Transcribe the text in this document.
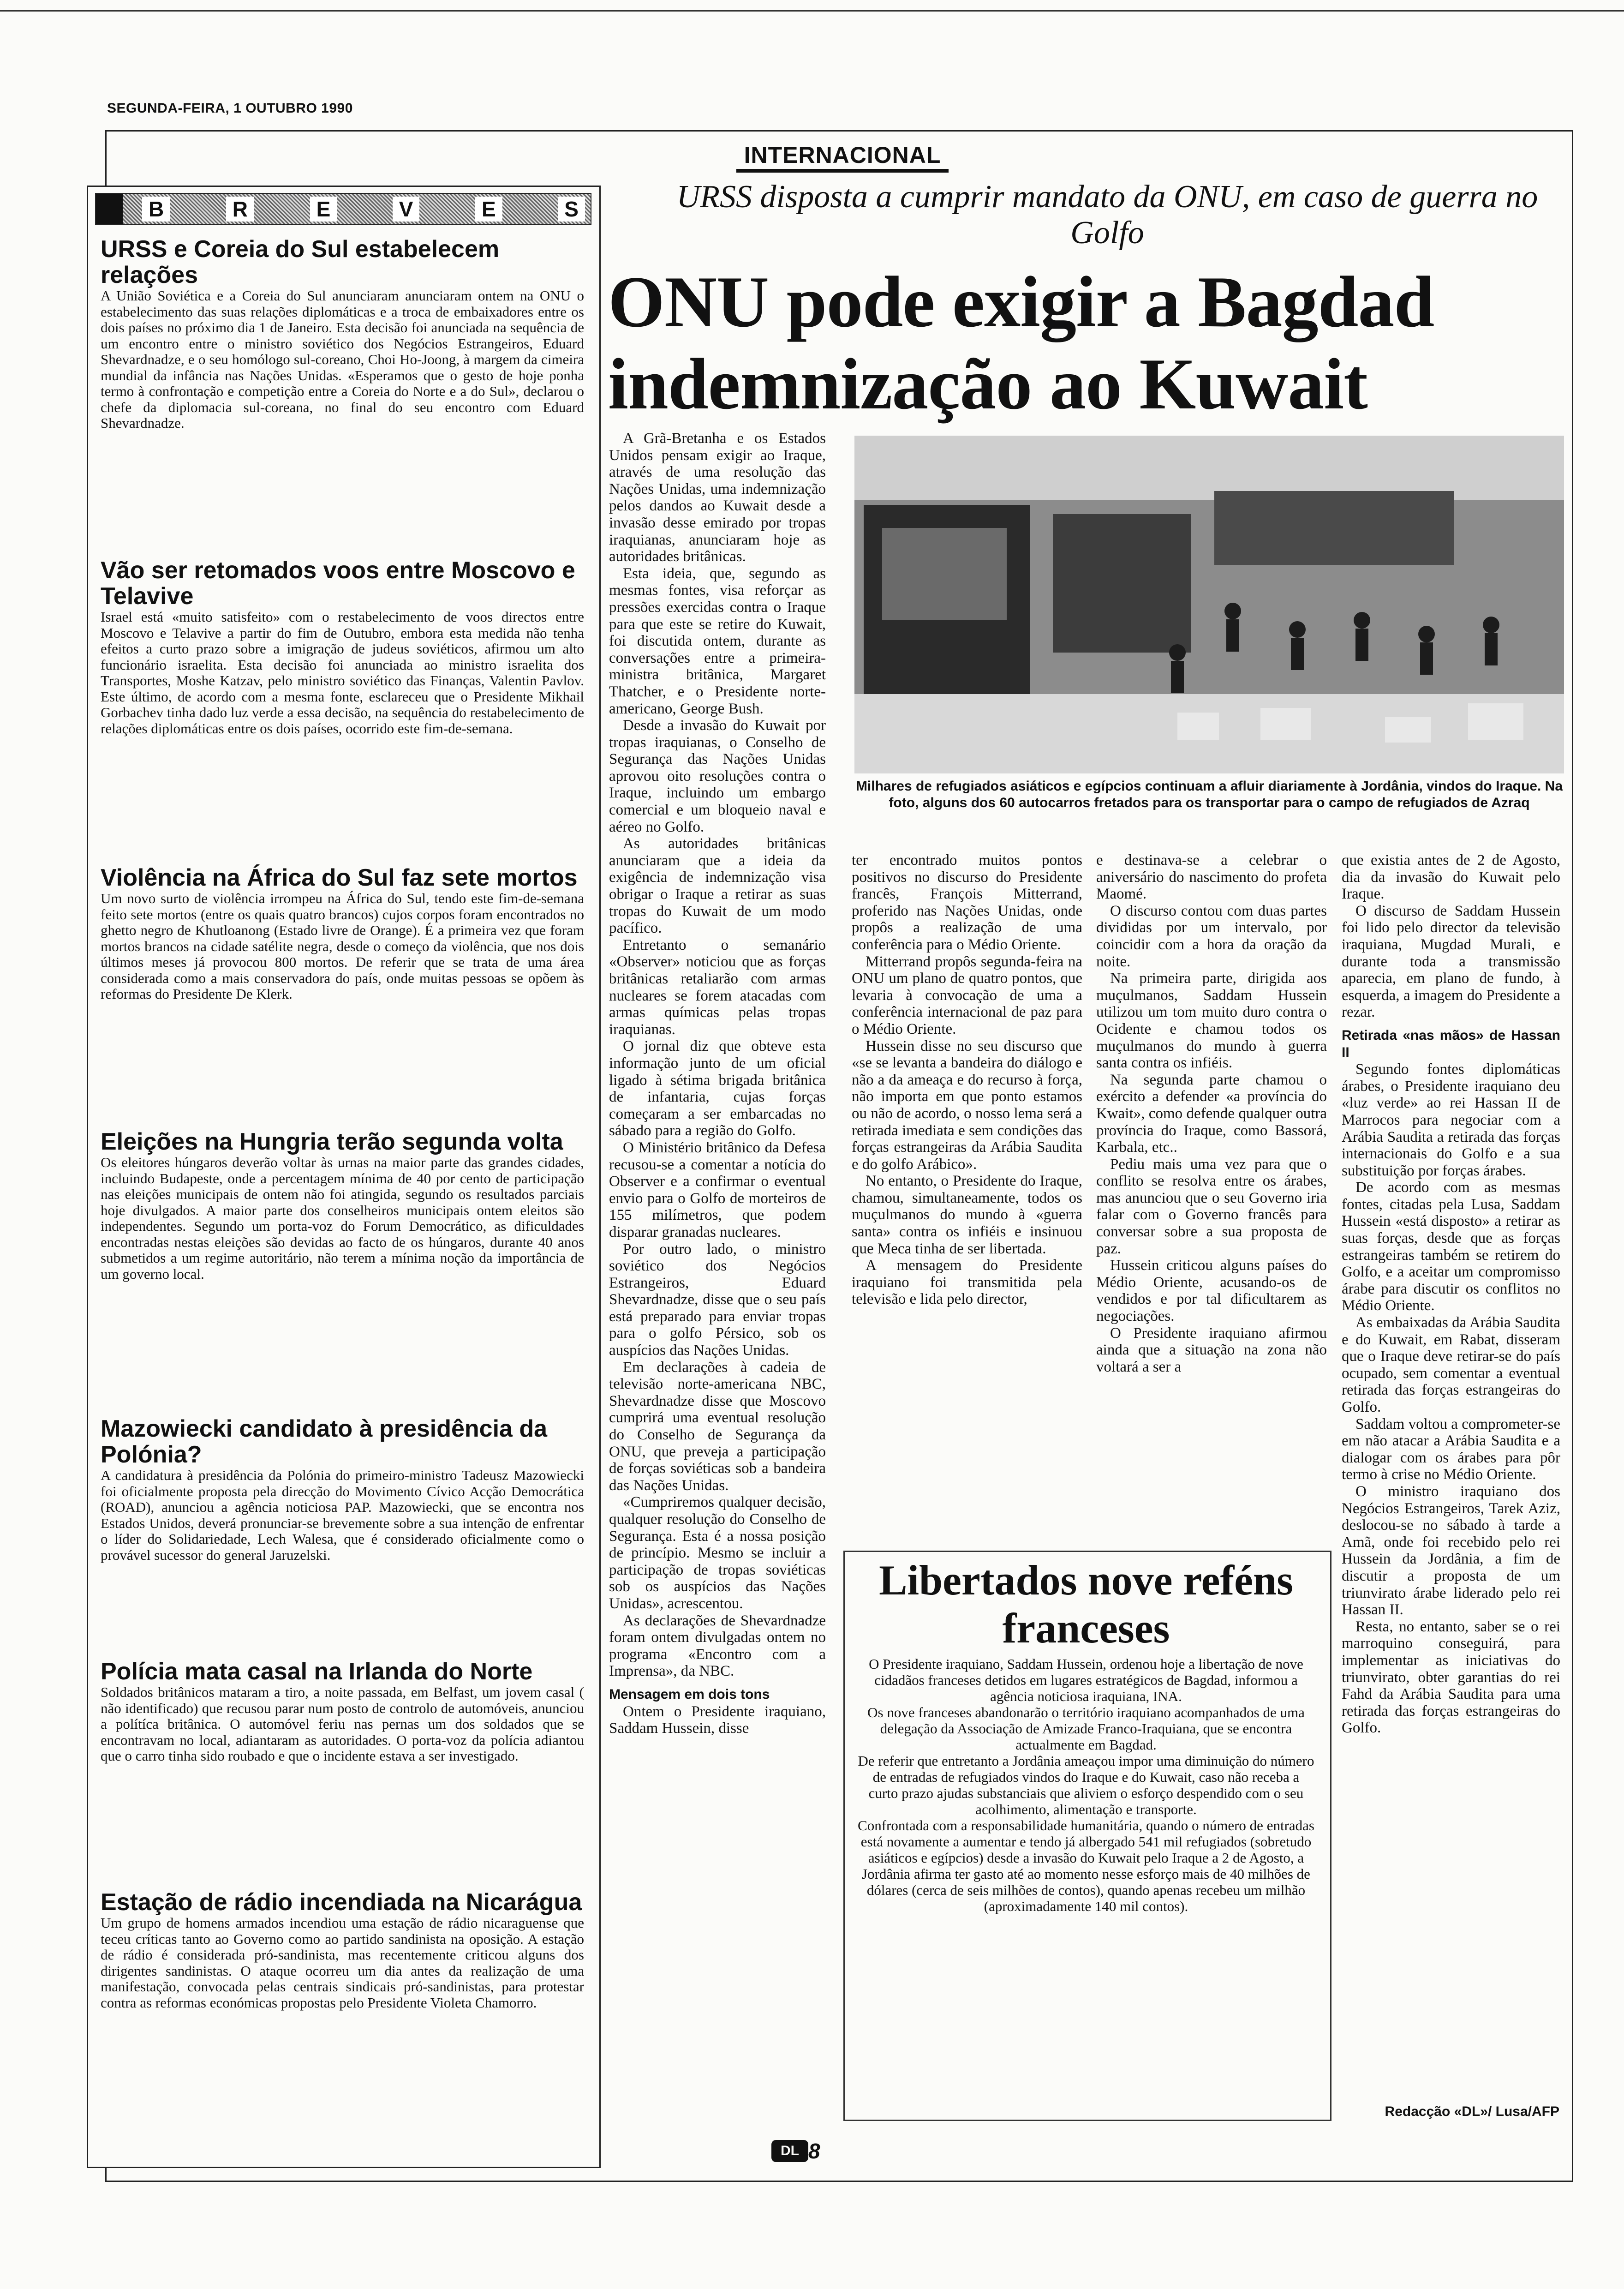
SEGUNDA-FEIRA, 1 OUTUBRO 1990
B	R	E	V	E	S
URSS e Coreia do Sul estabelecem relações

A União Soviética e a Coreia do Sul anunciaram anunciaram ontem na ONU o estabelecimento das suas relações diplomáticas e a troca de embaixadores entre os dois países no próximo dia 1 de Janeiro. Esta decisão foi anunciada na sequência de um encontro entre o ministro soviético dos Negócios Estrangeiros, Eduard Shevardnadze, e o seu homólogo sul-coreano, Choi Ho-Joong, à margem da cimeira mundial da infância nas Nações Unidas. «Esperamos que o gesto de hoje ponha termo à confrontação e competição entre a Coreia do Norte e a do Sul», declarou o chefe da diplomacia sul-coreana, no final do seu encontro com Eduard Shevardnadze.

Vão ser retomados voos entre Moscovo e Telavive

Israel está «muito satisfeito» com o restabelecimento de voos directos entre Moscovo e Telavive a partir do fim de Outubro, embora esta medida não tenha efeitos a curto prazo sobre a imigração de judeus soviéticos, afirmou um alto funcionário israelita. Esta decisão foi anunciada ao ministro israelita dos Transportes, Moshe Katzav, pelo ministro soviético das Finanças, Valentin Pavlov. Este último, de acordo com a mesma fonte, esclareceu que o Presidente Mikhail Gorbachev tinha dado luz verde a essa decisão, na sequência do restabelecimento de relações diplomáticas entre os dois países, ocorrido este fim-de-semana.

Violência na África do Sul faz sete mortos

Um novo surto de violência irrompeu na África do Sul, tendo este fim-de-semana feito sete mortos (entre os quais quatro brancos) cujos corpos foram encontrados no ghetto negro de Khutloanong (Estado livre de Orange). É a primeira vez que foram mortos brancos na cidade satélite negra, desde o começo da violência, que nos dois últimos meses já provocou 800 mortos. De referir que se trata de uma área considerada como a mais conservadora do país, onde muitas pessoas se opõem às reformas do Presidente De Klerk.

Eleições na Hungria terão segunda volta

Os eleitores húngaros deverão voltar às urnas na maior parte das grandes cidades, incluindo Budapeste, onde a percentagem mínima de 40 por cento de participação nas eleições municipais de ontem não foi atingida, segundo os resultados parciais hoje divulgados. A maior parte dos conselheiros municipais ontem eleitos são independentes. Segundo um porta-voz do Forum Democrático, as dificuldades encontradas nestas eleições são devidas ao facto de os húngaros, durante 40 anos submetidos a um regime autoritário, não terem a mínima noção da importância de um governo local.

Mazowiecki candidato à presidência da Polónia?

A candidatura à presidência da Polónia do primeiro-ministro Tadeusz Mazowiecki foi oficialmente proposta pela direcção do Movimento Cívico Acção Democrática (ROAD), anunciou a agência noticiosa PAP. Mazowiecki, que se encontra nos Estados Unidos, deverá pronunciar-se brevemente sobre a sua intenção de enfrentar o líder do Solidariedade, Lech Walesa, que é considerado oficialmente como o provável sucessor do general Jaruzelski.

Polícia mata casal na Irlanda do Norte

Soldados britânicos mataram a tiro, a noite passada, em Belfast, um jovem casal ( não identificado) que recusou parar num posto de controlo de automóveis, anunciou a polítíca britânica. O automóvel feriu nas pernas um dos soldados que se encontravam no local, adiantaram as autoridades. O porta-voz da polícia adiantou que o carro tinha sido roubado e que o incidente estava a ser investigado.

Estação de rádio incendiada na Nicarágua

Um grupo de homens armados incendiou uma estação de rádio nicaraguense que teceu críticas tanto ao Governo como ao partido sandinista na oposição. A estação de rádio é considerada pró-sandinista, mas recentemente criticou alguns dos dirigentes sandinistas. O ataque ocorreu um dia antes da realização de uma manifestação, convocada pelas centrais sindicais pró-sandinistas, para protestar contra as reformas económicas propostas pelo Presidente Violeta Chamorro.

INTERNACIONAL
URSS disposta a cumprir mandato da ONU, em caso de guerra no Golfo
ONU pode exigir a Bagdad indemnização ao Kuwait
Milhares de refugiados asiáticos e egípcios continuam a afluir diariamente à Jordânia, vindos do Iraque. Na foto, alguns dos 60 autocarros fretados para os transportar para o campo de refugiados de Azraq

A Grã-Bretanha e os Estados Unidos pensam exigir ao Iraque, através de uma resolução das Nações Unidas, uma indemnização pelos dandos ao Kuwait desde a invasão desse emirado por tropas iraquianas, anunciaram hoje as autoridades britânicas.

Esta ideia, que, segundo as mesmas fontes, visa reforçar as pressões exercidas contra o Iraque para que este se retire do Kuwait, foi discutida ontem, durante as conversações entre a primeira-ministra britânica, Margaret Thatcher, e o Presidente norte-americano, George Bush.

Desde a invasão do Kuwait por tropas iraquianas, o Conselho de Segurança das Nações Unidas aprovou oito resoluções contra o Iraque, incluindo um embargo comercial e um bloqueio naval e aéreo no Golfo.

As autoridades britânicas anunciaram que a ideia da exigência de indemnização visa obrigar o Iraque a retirar as suas tropas do Kuwait de um modo pacífico.

Entretanto o semanário «Observer» noticiou que as forças britânicas retaliarão com armas nucleares se forem atacadas com armas químicas pelas tropas iraquianas.

O jornal diz que obteve esta informação junto de um oficial ligado à sétima brigada britânica de infantaria, cujas forças começaram a ser embarcadas no sábado para a região do Golfo.

O Ministério britânico da Defesa recusou-se a comentar a notícia do Observer e a confirmar o eventual envio para o Golfo de morteiros de 155 milímetros, que podem disparar granadas nucleares.

Por outro lado, o ministro soviético dos Negócios Estrangeiros, Eduard Shevardnadze, disse que o seu país está preparado para enviar tropas para o golfo Pérsico, sob os auspícios das Nações Unidas.

Em declarações à cadeia de televisão norte-americana NBC, Shevardnadze disse que Moscovo cumprirá uma eventual resolução do Conselho de Segurança da ONU, que preveja a participação de forças soviéticas sob a bandeira das Nações Unidas.

«Cumpriremos qualquer decisão, qualquer resolução do Conselho de Segurança. Esta é a nossa posição de princípio. Mesmo se incluir a participação de tropas soviéticas sob os auspícios das Nações Unidas», acrescentou.

As declarações de Shevardnadze foram ontem divulgadas ontem no programa «Encontro com a Imprensa», da NBC.

Mensagem em dois tons

Ontem o Presidente iraquiano, Saddam Hussein, disse

ter encontrado muitos pontos positivos no discurso do Presidente francês, François Mitterrand, proferido nas Nações Unidas, onde propôs a realização de uma conferência para o Médio Oriente.

Mitterrand propôs segunda-feira na ONU um plano de quatro pontos, que levaria à convocação de uma a conferência internacional de paz para o Médio Oriente.

Hussein disse no seu discurso que «se se levanta a bandeira do diálogo e não a da ameaça e do recurso à força, não importa em que ponto estamos ou não de acordo, o nosso lema será a retirada imediata e sem condições das forças estrangeiras da Arábia Saudita e do golfo Arábico».

No entanto, o Presidente do Iraque, chamou, simultaneamente, todos os muçulmanos do mundo à «guerra santa» contra os infiéis e insinuou que Meca tinha de ser libertada.

A mensagem do Presidente iraquiano foi transmitida pela televisão e lida pelo director,

e destinava-se a celebrar o aniversário do nascimento do profeta Maomé.

O discurso contou com duas partes divididas por um intervalo, por coincidir com a hora da oração da noite.

Na primeira parte, dirigida aos muçulmanos, Saddam Hussein utilizou um tom muito duro contra o Ocidente e chamou todos os muçulmanos do mundo à guerra santa contra os infiéis.

Na segunda parte chamou o exército a defender «a província do Kwait», como defende qualquer outra província do Iraque, como Bassorá, Karbala, etc..

Pediu mais uma vez para que o conflito se resolva entre os árabes, mas anunciou que o seu Governo iria falar com o Governo francês para conversar sobre a sua proposta de paz.

Hussein criticou alguns países do Médio Oriente, acusando-os de vendidos e por tal dificultarem as negociações.

O Presidente iraquiano afirmou ainda que a situação na zona não voltará a ser a

que existia antes de 2 de Agosto, dia da invasão do Kuwait pelo Iraque.

O discurso de Saddam Hussein foi lido pelo director da televisão iraquiana, Mugdad Murali, e durante toda a transmissão aparecia, em plano de fundo, à esquerda, a imagem do Presidente a rezar.

Retirada «nas mãos» de Hassan II

Segundo fontes diplomáticas árabes, o Presidente iraquiano deu «luz verde» ao rei Hassan II de Marrocos para negociar com a Arábia Saudita a retirada das forças internacionais do Golfo e a sua substituição por forças árabes.

De acordo com as mesmas fontes, citadas pela Lusa, Saddam Hussein «está disposto» a retirar as suas forças, desde que as forças estrangeiras também se retirem do Golfo, e a aceitar um compromisso árabe para discutir os conflitos no Médio Oriente.

As embaixadas da Arábia Saudita e do Kuwait, em Rabat, disseram que o Iraque deve retirar-se do país ocupado, sem comentar a eventual retirada das forças estrangeiras do Golfo.

Saddam voltou a comprometer-se em não atacar a Arábia Saudita e a dialogar com os árabes para pôr termo à crise no Médio Oriente.

O ministro iraquiano dos Negócios Estrangeiros, Tarek Aziz, deslocou-se no sábado à tarde a Amã, onde foi recebido pelo rei Hussein da Jordânia, a fim de discutir a proposta de um triunvirato árabe liderado pelo rei Hassan II.

Resta, no entanto, saber se o rei marroquino conseguirá, para implementar as iniciativas do triunvirato, obter garantias do rei Fahd da Arábia Saudita para uma retirada das forças estrangeiras do Golfo.

Redacção «DL»/ Lusa/AFP
Libertados nove reféns franceses

O Presidente iraquiano, Saddam Hussein, ordenou hoje a libertação de nove cidadãos franceses detidos em lugares estratégicos de Bagdad, informou a agência noticiosa iraquiana, INA.

Os nove franceses abandonarão o território iraquiano acompanhados de uma delegação da Associação de Amizade Franco-Iraquiana, que se encontra actualmente em Bagdad.

De referir que entretanto a Jordânia ameaçou impor uma diminuição do número de entradas de refugiados vindos do Iraque e do Kuwait, caso não receba a curto prazo ajudas substanciais que aliviem o esforço despendido com o seu acolhimento, alimentação e transporte.

Confrontada com a responsabilidade humanitária, quando o número de entradas está novamente a aumentar e tendo já albergado 541 mil refugiados (sobretudo asiáticos e egípcios) desde a invasão do Kuwait pelo Iraque a 2 de Agosto, a Jordânia afirma ter gasto até ao momento nesse esforço mais de 40 milhões de dólares (cerca de seis milhões de contos), quando apenas recebeu um milhão (aproximadamente 140 mil contos).

DL 8
